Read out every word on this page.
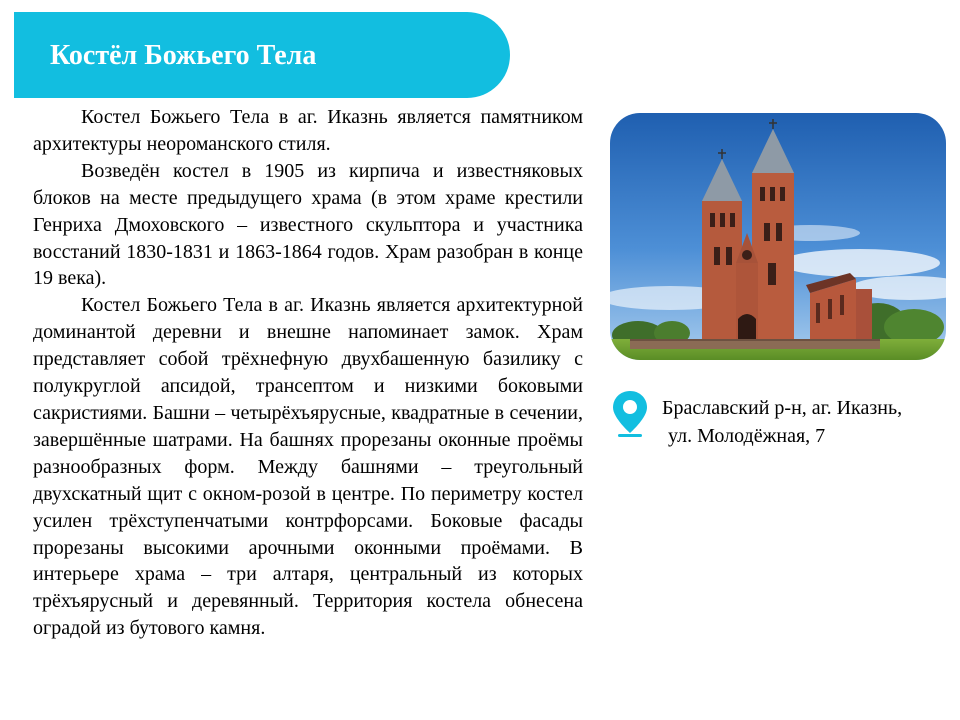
Костёл Божьего Тела

Костел Божьего Тела в аг. Иказнь является памятником архитектуры неороманского стиля.

Возведён костел в 1905 из кирпича и известняковых блоков на месте предыдущего храма (в этом храме крестили Генриха Дмоховского – известного скульптора и участника восстаний 1830-1831 и 1863-1864 годов. Храм разобран в конце 19 века).

Костел Божьего Тела в аг. Иказнь является архитектурной доминантой деревни и внешне напоминает замок. Храм представляет собой трёхнефную двухбашенную базилику с полукруглой апсидой, трансептом и низкими боковыми сакристиями. Башни – четырёхъярусные, квадратные в сечении, завершённые шатрами. На башнях прорезаны оконные проёмы разнообразных форм. Между башнями – треугольный двухскатный щит с окном-розой в центре. По периметру костел усилен трёхступенчатыми контрфорсами. Боковые фасады прорезаны высокими арочными оконными проёмами. В интерьере храма – три алтаря, центральный из которых трёхъярусный и деревянный. Территория костела обнесена оградой из бутового камня.

Браславский р-н, аг. Иказнь,
ул. Молодёжная, 7
